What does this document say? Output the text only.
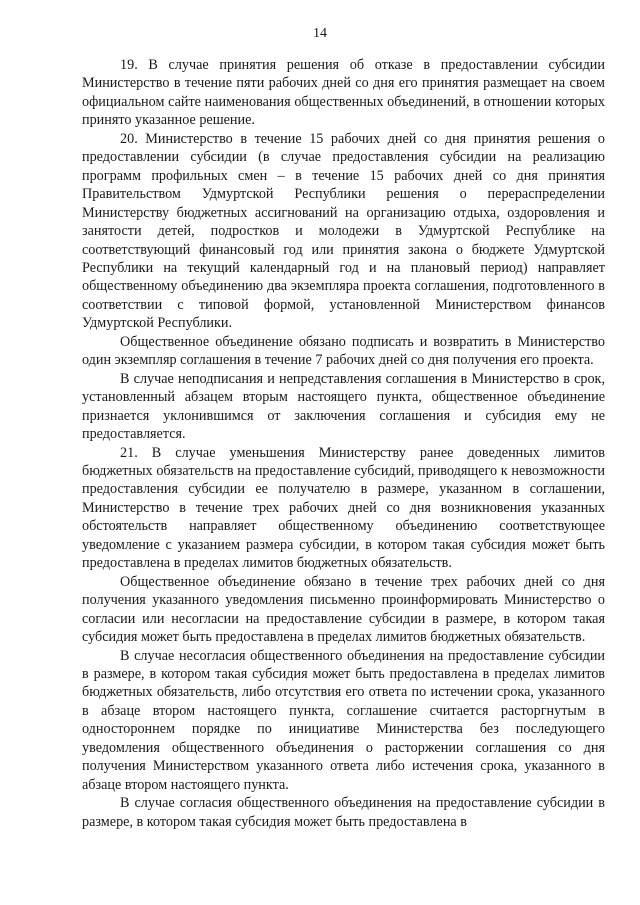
14

19. В случае принятия решения об отказе в предоставлении субсидии Министерство в течение пяти рабочих дней со дня его принятия размещает на своем официальном сайте наименования общественных объединений, в отношении которых принято указанное решение.

20. Министерство в течение 15 рабочих дней со дня принятия решения о предоставлении субсидии (в случае предоставления субсидии на реализацию программ профильных смен – в течение 15 рабочих дней со дня принятия Правительством Удмуртской Республики решения о перераспределении Министерству бюджетных ассигнований на организацию отдыха, оздоровления и занятости детей, подростков и молодежи в Удмуртской Республике на соответствующий финансовый год или принятия закона о бюджете Удмуртской Республики на текущий календарный год и на плановый период) направляет общественному объединению два экземпляра проекта соглашения, подготовленного в соответствии с типовой формой, установленной Министерством финансов Удмуртской Республики.

Общественное объединение обязано подписать и возвратить в Министерство один экземпляр соглашения в течение 7 рабочих дней со дня получения его проекта.

В случае неподписания и непредставления соглашения в Министерство в срок, установленный абзацем вторым настоящего пункта, общественное объединение признается уклонившимся от заключения соглашения и субсидия ему не предоставляется.

21. В случае уменьшения Министерству ранее доведенных лимитов бюджетных обязательств на предоставление субсидий, приводящего к невозможности предоставления субсидии ее получателю в размере, указанном в соглашении, Министерство в течение трех рабочих дней со дня возникновения указанных обстоятельств направляет общественному объединению соответствующее уведомление с указанием размера субсидии, в котором такая субсидия может быть предоставлена в пределах лимитов бюджетных обязательств.

Общественное объединение обязано в течение трех рабочих дней со дня получения указанного уведомления письменно проинформировать Министерство о согласии или несогласии на предоставление субсидии в размере, в котором такая субсидия может быть предоставлена в пределах лимитов бюджетных обязательств.

В случае несогласия общественного объединения на предоставление субсидии в размере, в котором такая субсидия может быть предоставлена в пределах лимитов бюджетных обязательств, либо отсутствия его ответа по истечении срока, указанного в абзаце втором настоящего пункта, соглашение считается расторгнутым в одностороннем порядке по инициативе Министерства без последующего уведомления общественного объединения о расторжении соглашения со дня получения Министерством указанного ответа либо истечения срока, указанного в абзаце втором настоящего пункта.

В случае согласия общественного объединения на предоставление субсидии в размере, в котором такая субсидия может быть предоставлена в
